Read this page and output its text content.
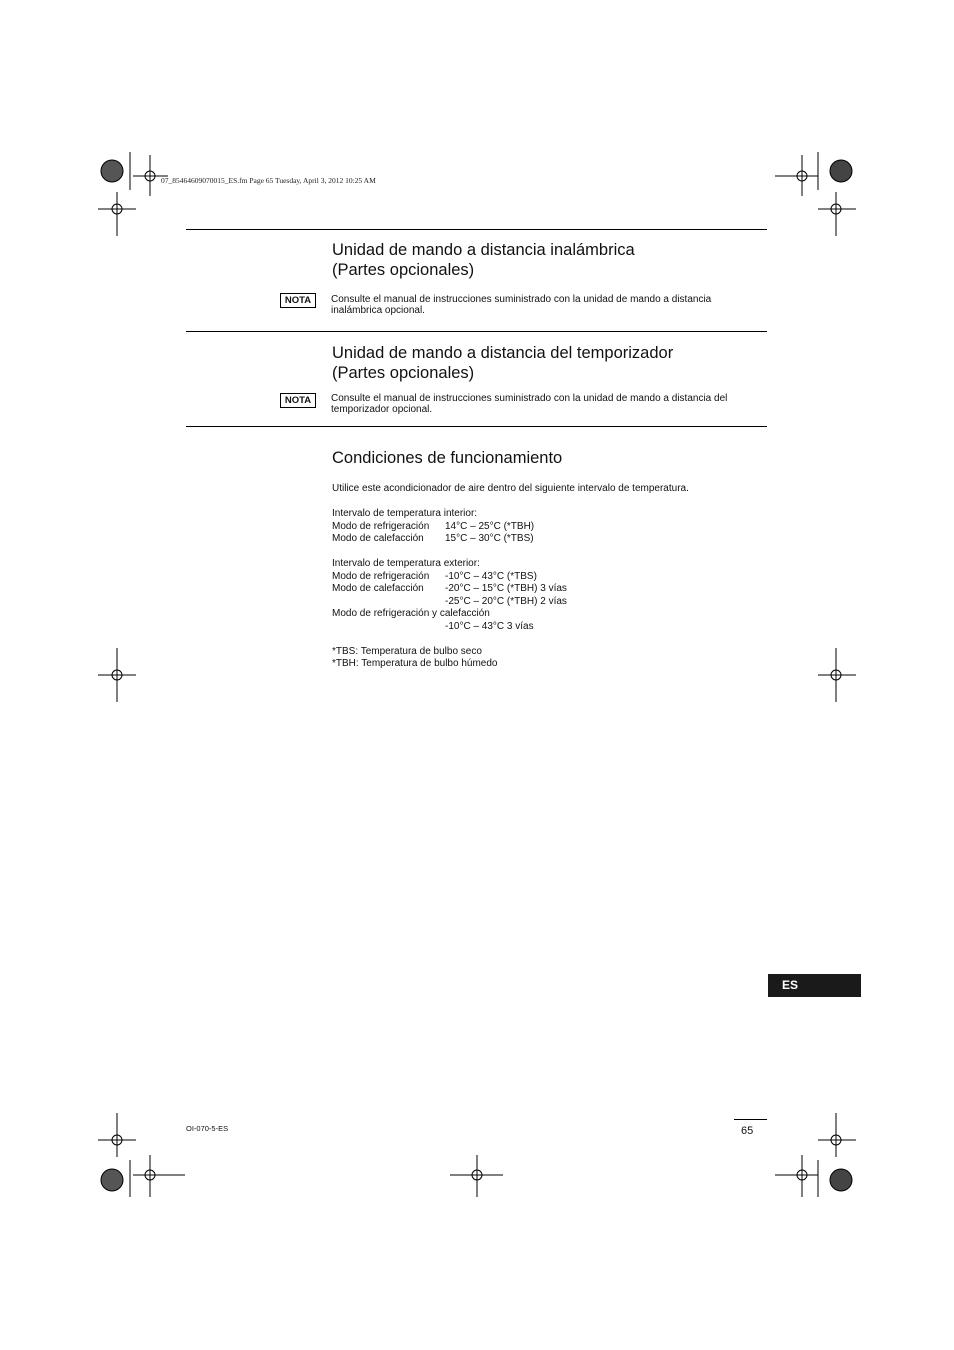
07_85464609070015_ES.fm Page 65 Tuesday, April 3, 2012 10:25 AM
Unidad de mando a distancia inalámbrica
(Partes opcionales)
NOTA	Consulte el manual de instrucciones suministrado con la unidad de mando a distancia
inalámbrica opcional.
Unidad de mando a distancia del temporizador
(Partes opcionales)
NOTA	Consulte el manual de instrucciones suministrado con la unidad de mando a distancia del
temporizador opcional.
Condiciones de funcionamiento
Utilice este acondicionador de aire dentro del siguiente intervalo de temperatura.
Intervalo de temperatura interior:
Modo de refrigeración 14°C – 25°C (*TBH)
Modo de calefacción 15°C – 30°C (*TBS)
Intervalo de temperatura exterior:
Modo de refrigeración -10°C – 43°C (*TBS)
Modo de calefacción -20°C – 15°C (*TBH) 3 vías
-25°C – 20°C (*TBH) 2 vías
Modo de refrigeración y calefacción
-10°C – 43°C 3 vías
*TBS: Temperatura de bulbo seco
*TBH: Temperatura de bulbo húmedo
ES
OI-070-5-ES	65
